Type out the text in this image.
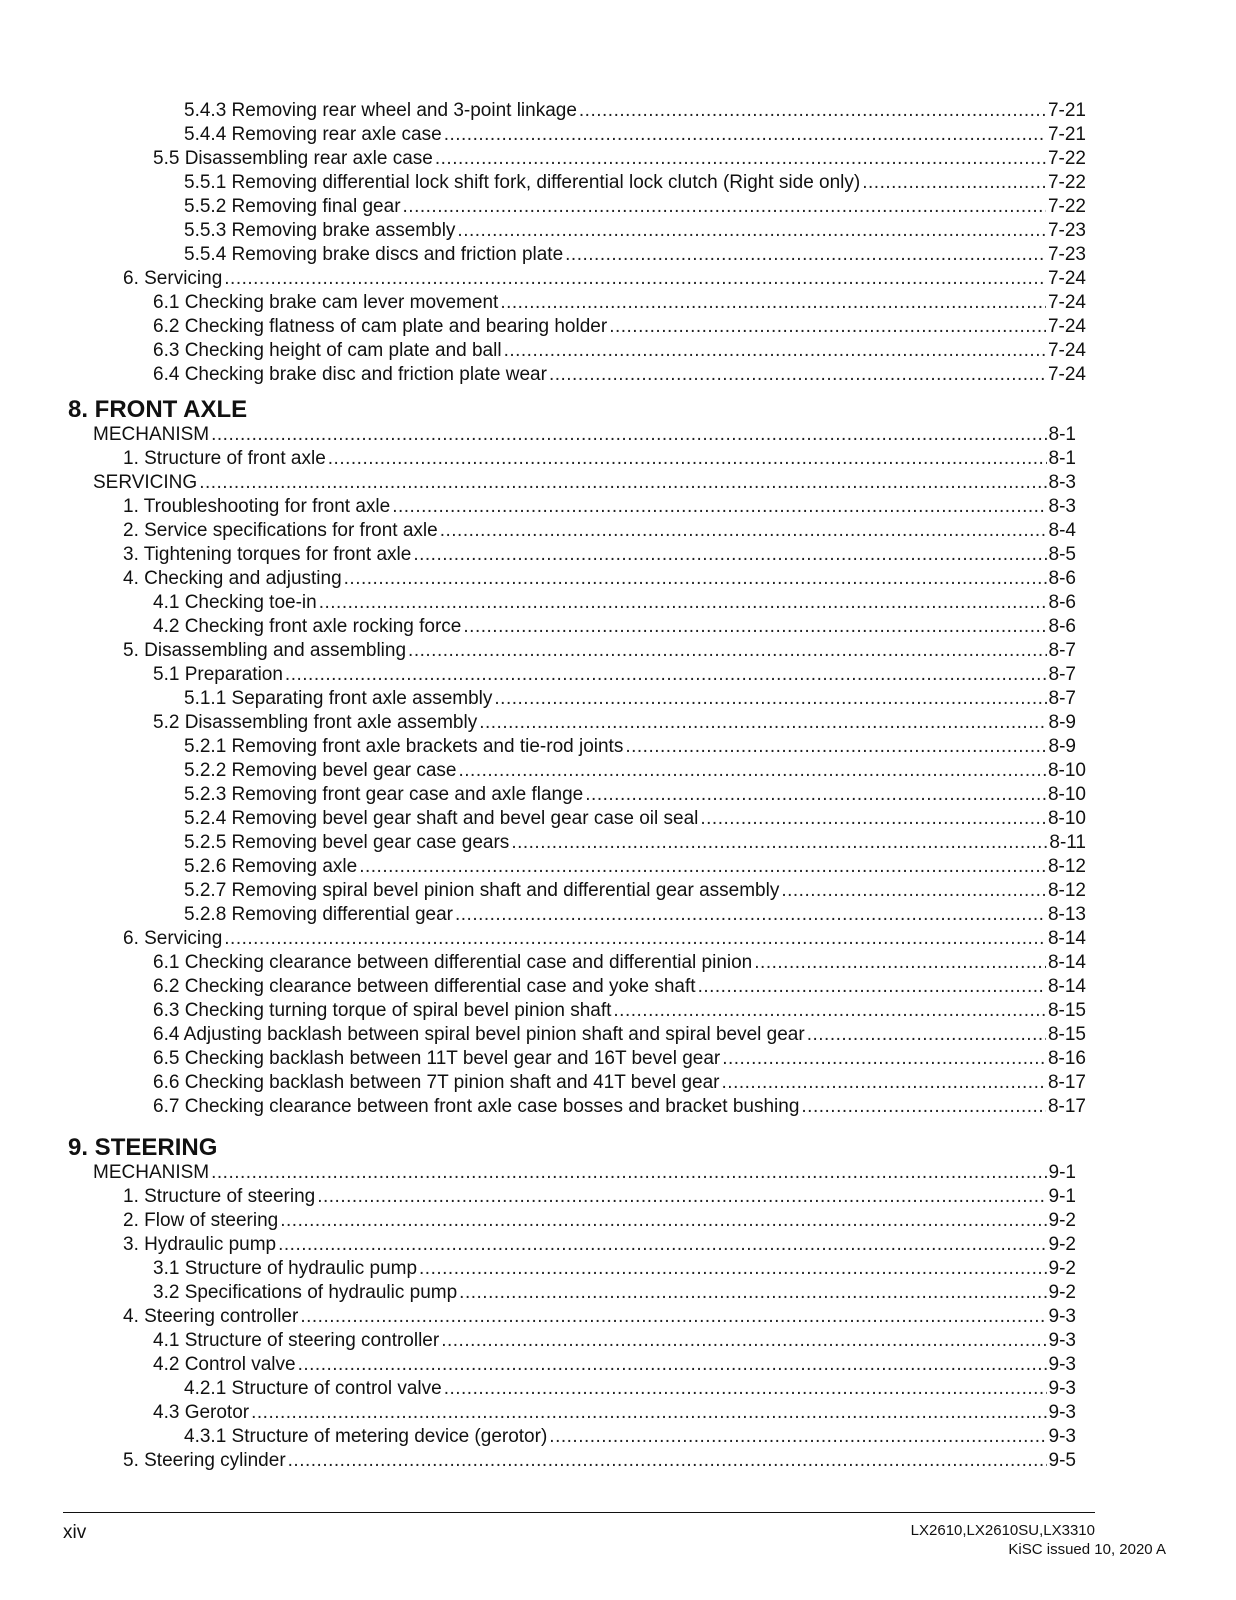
5.4.3 Removing rear wheel and 3-point linkage .....	7-21
5.4.4 Removing rear axle case .....	7-21
5.5 Disassembling rear axle case .....	7-22
5.5.1 Removing differential lock shift fork, differential lock clutch (Right side only) .....	7-22
5.5.2 Removing final gear .....	7-22
5.5.3 Removing brake assembly .....	7-23
5.5.4 Removing brake discs and friction plate .....	7-23
6. Servicing .....	7-24
6.1 Checking brake cam lever movement .....	7-24
6.2 Checking flatness of cam plate and bearing holder .....	7-24
6.3 Checking height of cam plate and ball .....	7-24
6.4 Checking brake disc and friction plate wear .....	7-24
8. FRONT AXLE
MECHANISM .....	8-1
1. Structure of front axle .....	8-1
SERVICING .....	8-3
1. Troubleshooting for front axle .....	8-3
2. Service specifications for front axle .....	8-4
3. Tightening torques for front axle .....	8-5
4. Checking and adjusting .....	8-6
4.1 Checking toe-in .....	8-6
4.2 Checking front axle rocking force .....	8-6
5. Disassembling and assembling .....	8-7
5.1 Preparation .....	8-7
5.1.1 Separating front axle assembly .....	8-7
5.2 Disassembling front axle assembly .....	8-9
5.2.1 Removing front axle brackets and tie-rod joints .....	8-9
5.2.2 Removing bevel gear case .....	8-10
5.2.3 Removing front gear case and axle flange .....	8-10
5.2.4 Removing bevel gear shaft and bevel gear case oil seal .....	8-10
5.2.5 Removing bevel gear case gears .....	8-11
5.2.6 Removing axle .....	8-12
5.2.7 Removing spiral bevel pinion shaft and differential gear assembly .....	8-12
5.2.8 Removing differential gear .....	8-13
6. Servicing .....	8-14
6.1 Checking clearance between differential case and differential pinion .....	8-14
6.2 Checking clearance between differential case and yoke shaft .....	8-14
6.3 Checking turning torque of spiral bevel pinion shaft .....	8-15
6.4 Adjusting backlash between spiral bevel pinion shaft and spiral bevel gear .....	8-15
6.5 Checking backlash between 11T bevel gear and 16T bevel gear .....	8-16
6.6 Checking backlash between 7T pinion shaft and 41T bevel gear .....	8-17
6.7 Checking clearance between front axle case bosses and bracket bushing .....	8-17
9. STEERING
MECHANISM .....	9-1
1. Structure of steering .....	9-1
2. Flow of steering .....	9-2
3. Hydraulic pump .....	9-2
3.1 Structure of hydraulic pump .....	9-2
3.2 Specifications of hydraulic pump .....	9-2
4. Steering controller .....	9-3
4.1 Structure of steering controller .....	9-3
4.2 Control valve .....	9-3
4.2.1 Structure of control valve .....	9-3
4.3 Gerotor .....	9-3
4.3.1 Structure of metering device (gerotor) .....	9-3
5. Steering cylinder .....	9-5
xiv	LX2610,LX2610SU,LX3310
KiSC issued 10, 2020 A
